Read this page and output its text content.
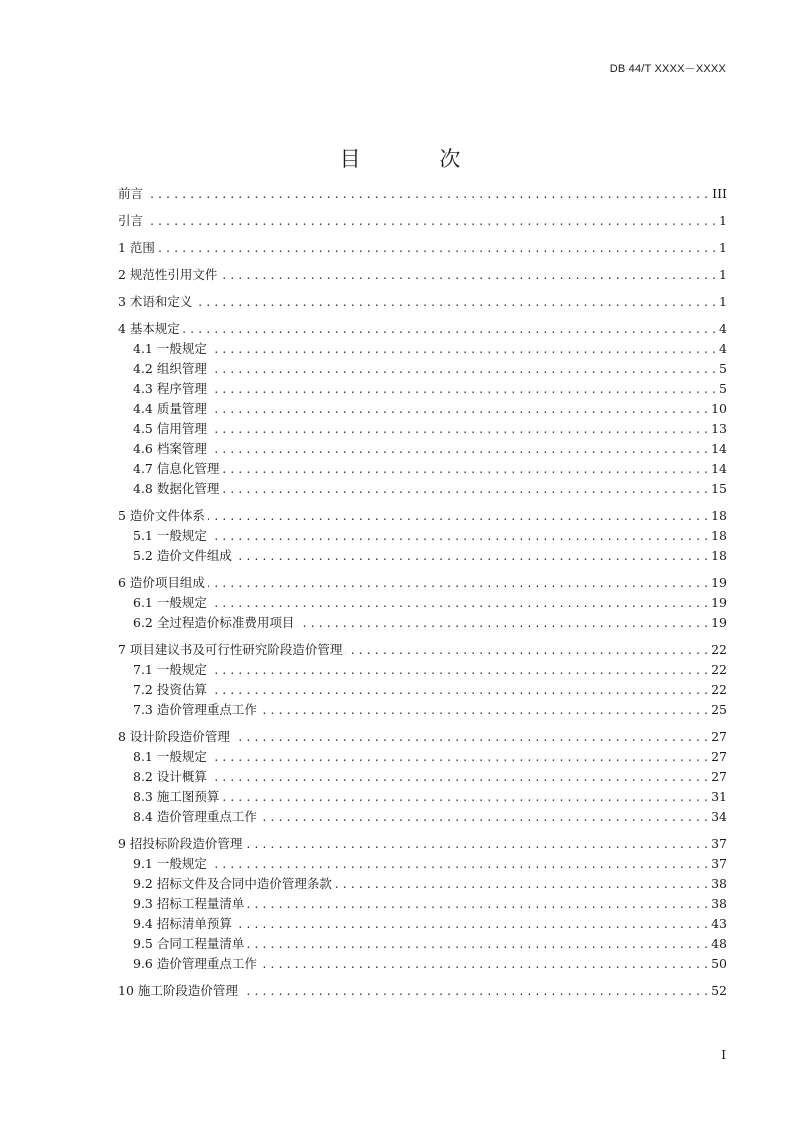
DB 44/T XXXX－XXXX
目 次
前言	III
. . .
引言	1
. . .
1 范围	1
. . .
2 规范性引用文件	1
. . .
3 术语和定义	1
. . .
4 基本规定	4
. . .
4.1 一般规定	4
. . .
4.2 组织管理	5
. . .
4.3 程序管理	5
. . .
4.4 质量管理	10
. . .
4.5 信用管理	13
. . .
4.6 档案管理	14
. . .
4.7 信息化管理	14
. . .
4.8 数据化管理	15
. . .
5 造价文件体系	18
. . .
5.1 一般规定	18
. . .
5.2 造价文件组成	18
. . .
6 造价项目组成	19
. . .
6.1 一般规定	19
. . .
6.2 全过程造价标准费用项目	19
. . .
7 项目建议书及可行性研究阶段造价管理	22
. . .
7.1 一般规定	22
. . .
7.2 投资估算	22
. . .
7.3 造价管理重点工作	25
. . .
8 设计阶段造价管理	27
. . .
8.1 一般规定	27
. . .
8.2 设计概算	27
. . .
8.3 施工图预算	31
. . .
8.4 造价管理重点工作	34
. . .
9 招投标阶段造价管理	37
. . .
9.1 一般规定	37
. . .
9.2 招标文件及合同中造价管理条款	38
. . .
9.3 招标工程量清单	38
. . .
9.4 招标清单预算	43
. . .
9.5 合同工程量清单	48
. . .
9.6 造价管理重点工作	50
. . .
10 施工阶段造价管理	52
. . .
I
